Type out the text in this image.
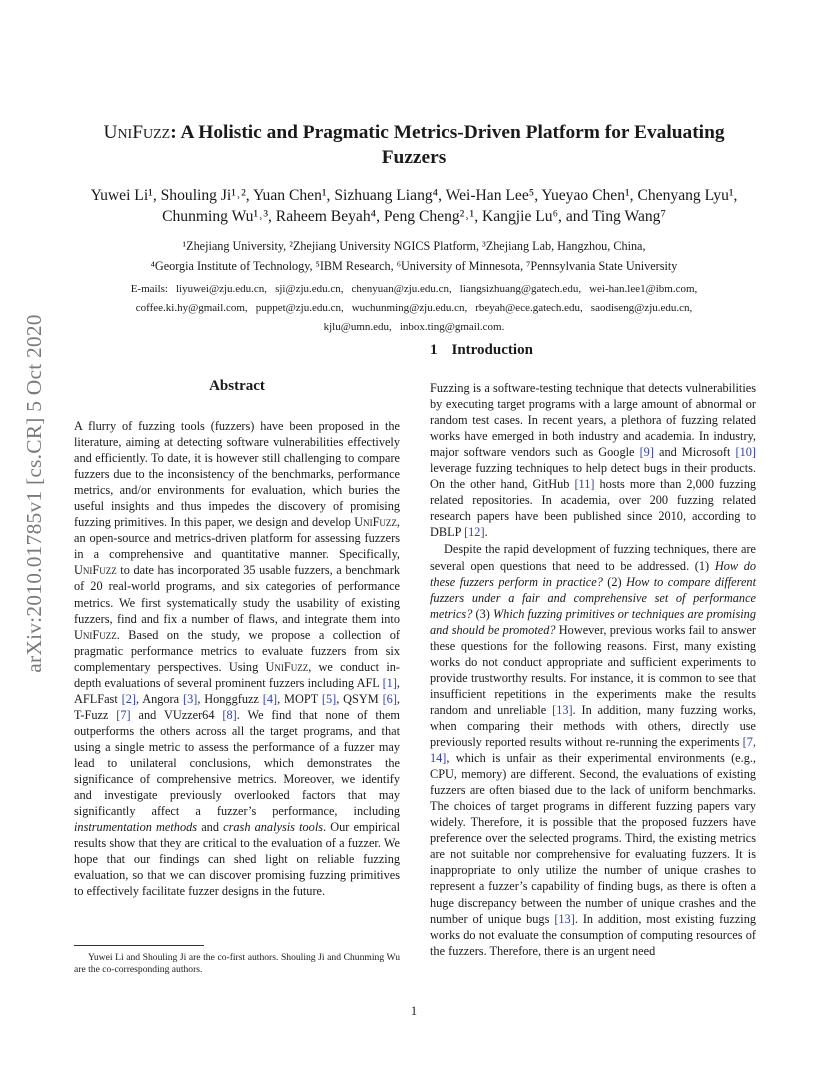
arXiv:2010.01785v1 [cs.CR] 5 Oct 2020
UniFuzz: A Holistic and Pragmatic Metrics-Driven Platform for Evaluating Fuzzers
Yuwei Li¹, Shouling Ji¹˒², Yuan Chen¹, Sizhuang Liang⁴, Wei-Han Lee⁵, Yueyao Chen¹, Chenyang Lyu¹,
Chunming Wu¹˒³, Raheem Beyah⁴, Peng Cheng²˒¹, Kangjie Lu⁶, and Ting Wang⁷
¹Zhejiang University, ²Zhejiang University NGICS Platform, ³Zhejiang Lab, Hangzhou, China,
⁴Georgia Institute of Technology, ⁵IBM Research, ⁶University of Minnesota, ⁷Pennsylvania State University
E-mails: liyuwei@zju.edu.cn, sji@zju.edu.cn, chenyuan@zju.edu.cn, liangsizhuang@gatech.edu, wei-han.lee1@ibm.com,
coffee.ki.hy@gmail.com, puppet@zju.edu.cn, wuchunming@zju.edu.cn, rbeyah@ece.gatech.edu, saodiseng@zju.edu.cn,
kjlu@umn.edu, inbox.ting@gmail.com.
Abstract

A flurry of fuzzing tools (fuzzers) have been proposed in the literature, aiming at detecting software vulnerabilities effectively and efficiently. To date, it is however still challenging to compare fuzzers due to the inconsistency of the benchmarks, performance metrics, and/or environments for evaluation, which buries the useful insights and thus impedes the discovery of promising fuzzing primitives. In this paper, we design and develop UniFuzz, an open-source and metrics-driven platform for assessing fuzzers in a comprehensive and quantitative manner. Specifically, UniFuzz to date has incorporated 35 usable fuzzers, a benchmark of 20 real-world programs, and six categories of performance metrics. We first systematically study the usability of existing fuzzers, find and fix a number of flaws, and integrate them into UniFuzz. Based on the study, we propose a collection of pragmatic performance metrics to evaluate fuzzers from six complementary perspectives. Using UniFuzz, we conduct in-depth evaluations of several prominent fuzzers including AFL [1], AFLFast [2], Angora [3], Honggfuzz [4], MOPT [5], QSYM [6], T-Fuzz [7] and VUzzer64 [8]. We find that none of them outperforms the others across all the target programs, and that using a single metric to assess the performance of a fuzzer may lead to unilateral conclusions, which demonstrates the significance of comprehensive metrics. Moreover, we identify and investigate previously overlooked factors that may significantly affect a fuzzer’s performance, including instrumentation methods and crash analysis tools. Our empirical results show that they are critical to the evaluation of a fuzzer. We hope that our findings can shed light on reliable fuzzing evaluation, so that we can discover promising fuzzing primitives to effectively facilitate fuzzer designs in the future.

1 Introduction

Fuzzing is a software-testing technique that detects vulnerabilities by executing target programs with a large amount of abnormal or random test cases. In recent years, a plethora of fuzzing related works have emerged in both industry and academia. In industry, major software vendors such as Google [9] and Microsoft [10] leverage fuzzing techniques to help detect bugs in their products. On the other hand, GitHub [11] hosts more than 2,000 fuzzing related repositories. In academia, over 200 fuzzing related research papers have been published since 2010, according to DBLP [12].

Despite the rapid development of fuzzing techniques, there are several open questions that need to be addressed. (1) How do these fuzzers perform in practice? (2) How to compare different fuzzers under a fair and comprehensive set of performance metrics? (3) Which fuzzing primitives or techniques are promising and should be promoted? However, previous works fail to answer these questions for the following reasons. First, many existing works do not conduct appropriate and sufficient experiments to provide trustworthy results. For instance, it is common to see that insufficient repetitions in the experiments make the results random and unreliable [13]. In addition, many fuzzing works, when comparing their methods with others, directly use previously reported results without re-running the experiments [7, 14], which is unfair as their experimental environments (e.g., CPU, memory) are different. Second, the evaluations of existing fuzzers are often biased due to the lack of uniform benchmarks. The choices of target programs in different fuzzing papers vary widely. Therefore, it is possible that the proposed fuzzers have preference over the selected programs. Third, the existing metrics are not suitable nor comprehensive for evaluating fuzzers. It is inappropriate to only utilize the number of unique crashes to represent a fuzzer’s capability of finding bugs, as there is often a huge discrepancy between the number of unique crashes and the number of unique bugs [13]. In addition, most existing fuzzing works do not evaluate the consumption of computing resources of the fuzzers. Therefore, there is an urgent need

Yuwei Li and Shouling Ji are the co-first authors. Shouling Ji and Chunming Wu are the co-corresponding authors.
1
